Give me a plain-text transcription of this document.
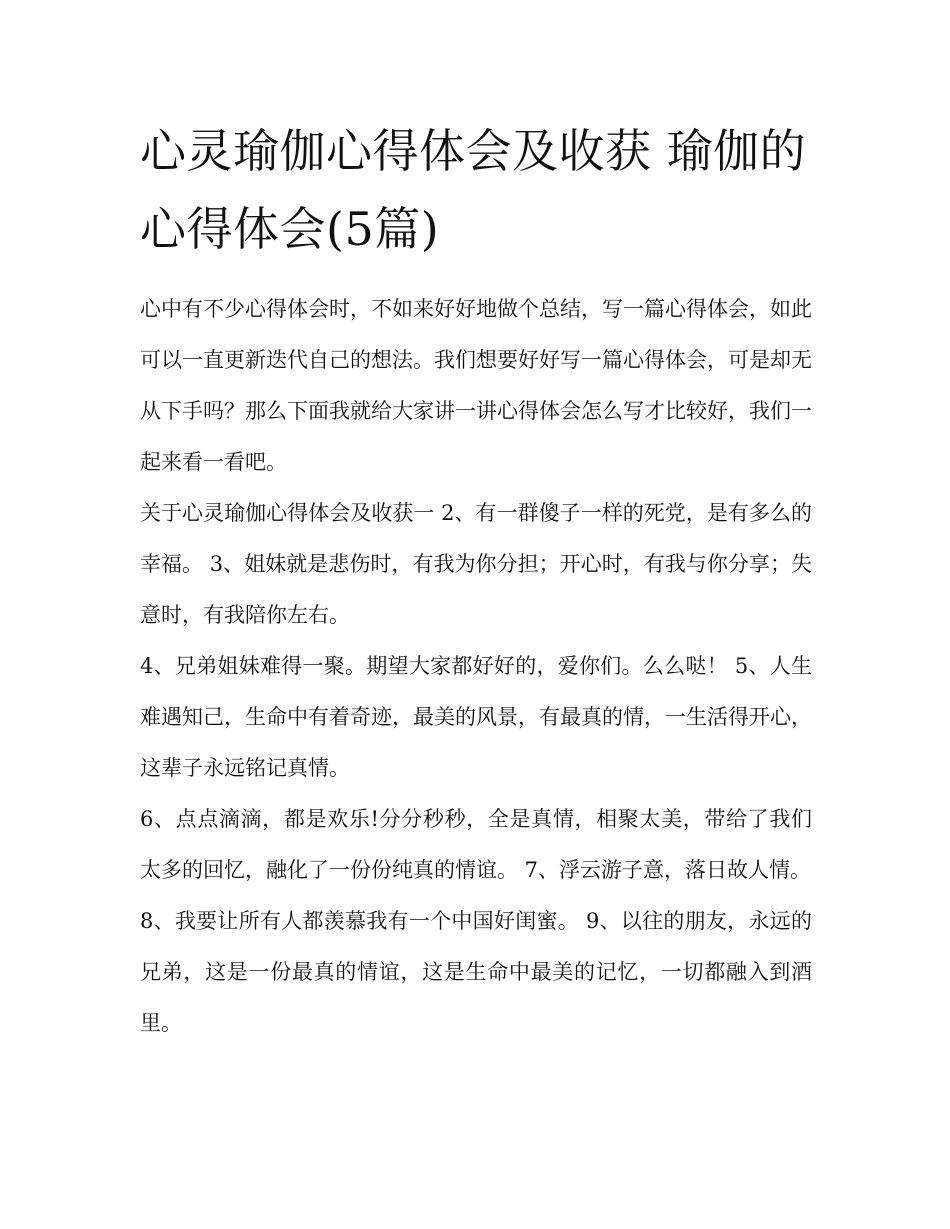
心灵瑜伽心得体会及收获 瑜伽的心得体会(5篇)

心中有不少心得体会时，不如来好好地做个总结，写一篇心得体会，如此可以一直更新迭代自己的想法。我们想要好好写一篇心得体会，可是却无从下手吗？那么下面我就给大家讲一讲心得体会怎么写才比较好，我们一起来看一看吧。

关于心灵瑜伽心得体会及收获一 2、有一群傻子一样的死党，是有多么的幸福。 3、姐妹就是悲伤时，有我为你分担；开心时，有我与你分享；失意时，有我陪你左右。

4、兄弟姐妹难得一聚。期望大家都好好的，爱你们。么么哒！ 5、人生难遇知己，生命中有着奇迹，最美的风景，有最真的情，一生活得开心，这辈子永远铭记真情。

6、点点滴滴，都是欢乐!分分秒秒，全是真情，相聚太美，带给了我们太多的回忆，融化了一份份纯真的情谊。 7、浮云游子意，落日故人情。

8、我要让所有人都羡慕我有一个中国好闺蜜。 9、以往的朋友，永远的兄弟，这是一份最真的情谊，这是生命中最美的记忆，一切都融入到酒里。
